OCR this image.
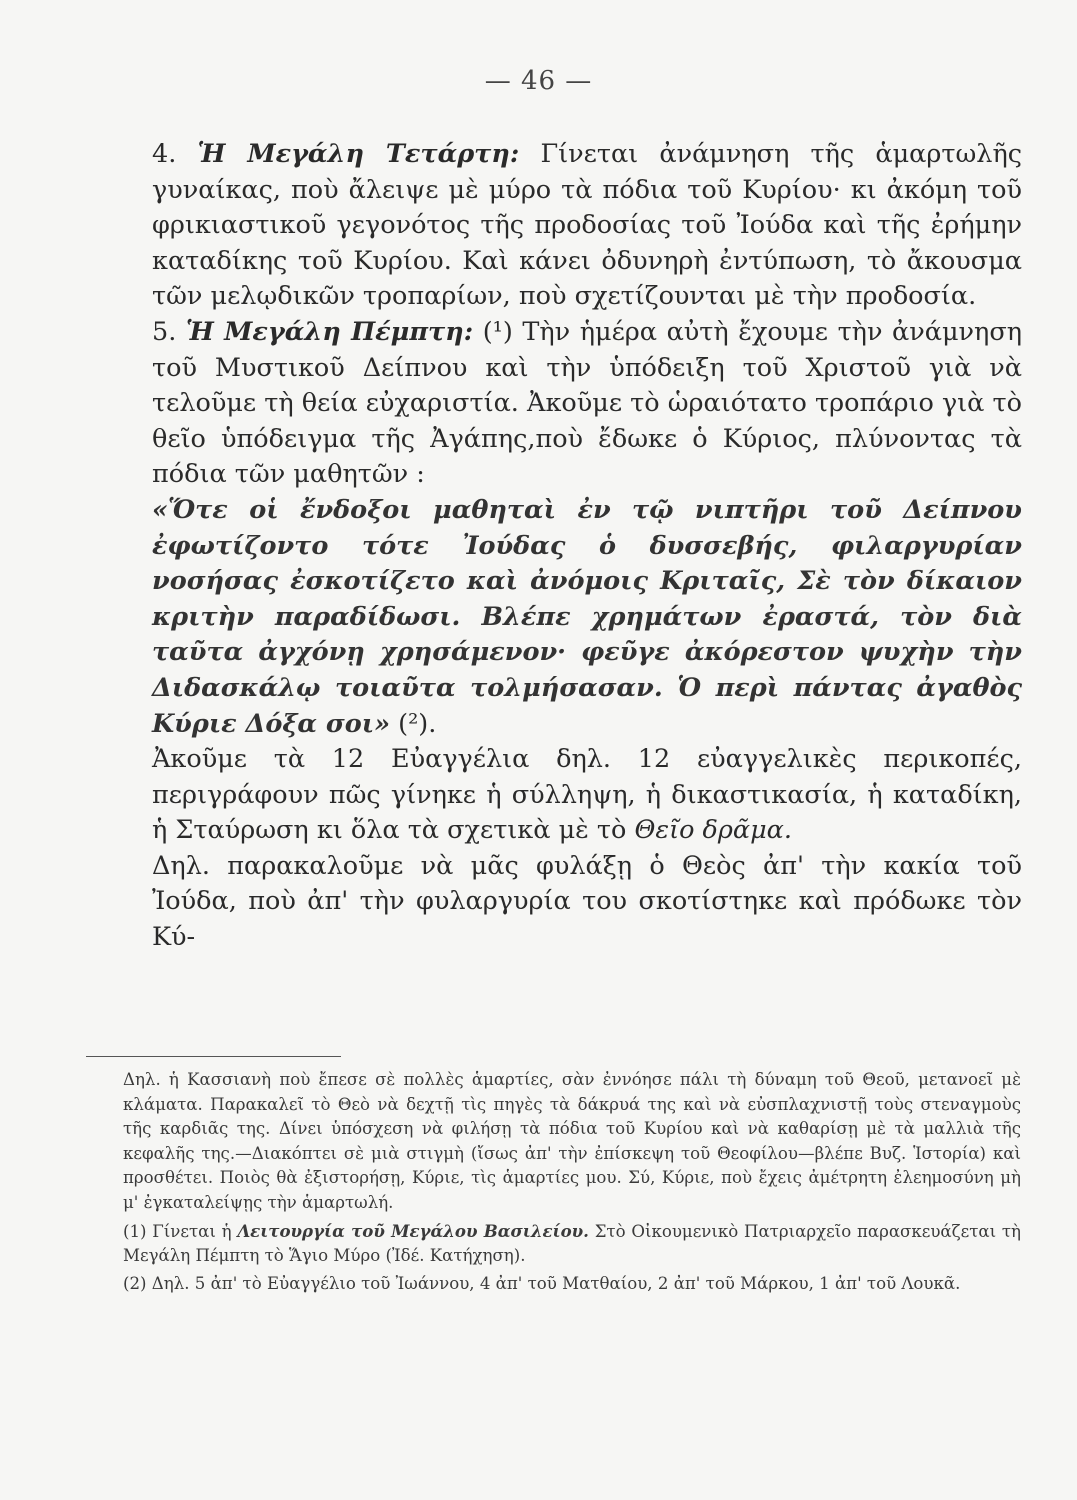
— 46 —

4. Ἡ Μεγάλη Τετάρτη: Γίνεται ἀνάμνηση τῆς ἁμαρτωλῆς γυναίκας, ποὺ ἄλειψε μὲ μύρο τὰ πόδια τοῦ Κυρίου· κι ἀκόμη τοῦ φρικιαστικοῦ γεγονότος τῆς προδοσίας τοῦ Ἰούδα καὶ τῆς ἐρήμην καταδίκης τοῦ Κυρίου. Καὶ κάνει ὀδυνηρὴ ἐντύπωση, τὸ ἄκουσμα τῶν μελῳδικῶν τροπαρίων, ποὺ σχετίζουνται μὲ τὴν προδοσία.

5. Ἡ Μεγάλη Πέμπτη: (¹) Τὴν ἡμέρα αὐτὴ ἔχουμε τὴν ἀνάμνηση τοῦ Μυστικοῦ Δείπνου καὶ τὴν ὑπόδειξη τοῦ Χριστοῦ γιὰ νὰ τελοῦμε τὴ θεία εὐχαριστία. Ἀκοῦμε τὸ ὡραιότατο τροπάριο γιὰ τὸ θεῖο ὑπόδειγμα τῆς Ἀγάπης,ποὺ ἔδωκε ὁ Κύριος, πλύνοντας τὰ πόδια τῶν μαθητῶν :

«Ὅτε οἱ ἔνδοξοι μαθηταὶ ἐν τῷ νιπτῆρι τοῦ Δείπνου ἐφωτίζοντο τότε Ἰούδας ὁ δυσσεβής, φιλαργυρίαν νοσήσας ἐσκοτίζετο καὶ ἀνόμοις Κριταῖς, Σὲ τὸν δίκαιον κριτὴν παραδίδωσι. Βλέπε χρημάτων ἐραστά, τὸν διὰ ταῦτα ἀγχόνῃ χρησάμενον· φεῦγε ἀκόρεστον ψυχὴν τὴν Διδασκάλῳ τοιαῦτα τολμήσασαν. Ὁ περὶ πάντας ἀγαθὸς Κύριε Δόξα σοι» (²).

Ἀκοῦμε τὰ 12 Εὐαγγέλια δηλ. 12 εὐαγγελικὲς περικοπές, περιγράφουν πῶς γίνηκε ἡ σύλληψη, ἡ δικαστικασία, ἡ καταδίκη, ἡ Σταύρωση κι ὅλα τὰ σχετικὰ μὲ τὸ Θεῖο δρᾶμα.

Δηλ. παρακαλοῦμε νὰ μᾶς φυλάξῃ ὁ Θεὸς ἀπ' τὴν κακία τοῦ Ἰούδα, ποὺ ἀπ' τὴν φυλαργυρία του σκοτίστηκε καὶ πρόδωκε τὸν Κύ-

Δηλ. ἡ Κασσιανὴ ποὺ ἔπεσε σὲ πολλὲς ἁμαρτίες, σὰν ἐννόησε πάλι τὴ δύναμη τοῦ Θεοῦ, μετανοεῖ μὲ κλάματα. Παρακαλεῖ τὸ Θεὸ νὰ δεχτῇ τὶς πηγὲς τὰ δάκρυά της καὶ νὰ εὐσπλαχνιστῇ τοὺς στεναγμοὺς τῆς καρδιᾶς της. Δίνει ὑπόσχεση νὰ φιλήσῃ τὰ πόδια τοῦ Κυρίου καὶ νὰ καθαρίσῃ μὲ τὰ μαλλιὰ τῆς κεφαλῆς της.—Διακόπτει σὲ μιὰ στιγμὴ (ἴσως ἀπ' τὴν ἐπίσκεψη τοῦ Θεοφίλου—βλέπε Βυζ. Ἱστορία) καὶ προσθέτει. Ποιὸς θὰ ἐξιστορήσῃ, Κύριε, τὶς ἁμαρτίες μου. Σύ, Κύριε, ποὺ ἔχεις ἀμέτρητη ἐλεημοσύνη μὴ μ' ἐγκαταλείψῃς τὴν ἁμαρτωλή.

(1) Γίνεται ἡ Λειτουργία τοῦ Μεγάλου Βασιλείου. Στὸ Οἰκουμενικὸ Πατριαρχεῖο παρασκευάζεται τὴ Μεγάλη Πέμπτη τὸ Ἅγιο Μύρο (Ἰδέ. Κατήχηση).

(2) Δηλ. 5 ἀπ' τὸ Εὐαγγέλιο τοῦ Ἰωάννου, 4 ἀπ' τοῦ Ματθαίου, 2 ἀπ' τοῦ Μάρκου, 1 ἀπ' τοῦ Λουκᾶ.
